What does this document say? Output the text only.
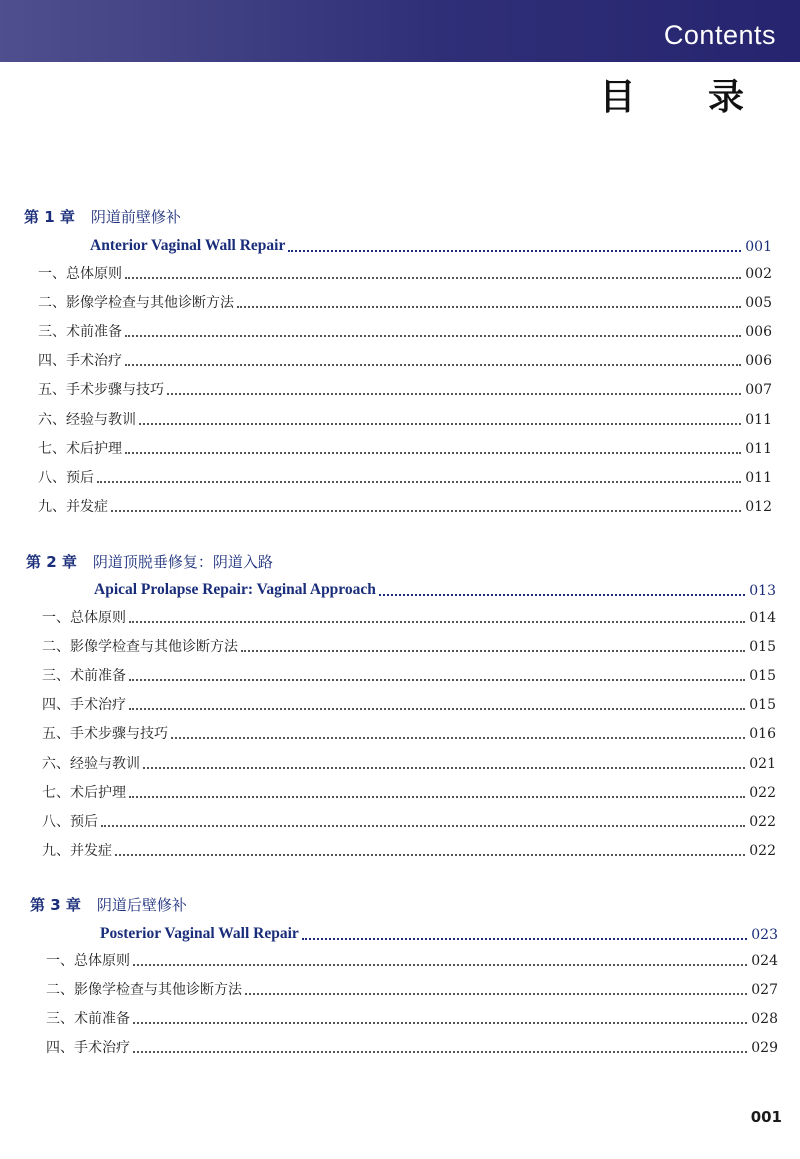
Contents
目 录
第 1 章 阴道前壁修补
Anterior Vaginal Wall Repair	001
一、总体原则	002
二、影像学检查与其他诊断方法	005
三、术前准备	006
四、手术治疗	006
五、手术步骤与技巧	007
六、经验与教训	011
七、术后护理	011
八、预后	011
九、并发症	012
第 2 章 阴道顶脱垂修复：阴道入路
Apical Prolapse Repair: Vaginal Approach	013
一、总体原则	014
二、影像学检查与其他诊断方法	015
三、术前准备	015
四、手术治疗	015
五、手术步骤与技巧	016
六、经验与教训	021
七、术后护理	022
八、预后	022
九、并发症	022
第 3 章 阴道后壁修补
Posterior Vaginal Wall Repair	023
一、总体原则	024
二、影像学检查与其他诊断方法	027
三、术前准备	028
四、手术治疗	029
001
